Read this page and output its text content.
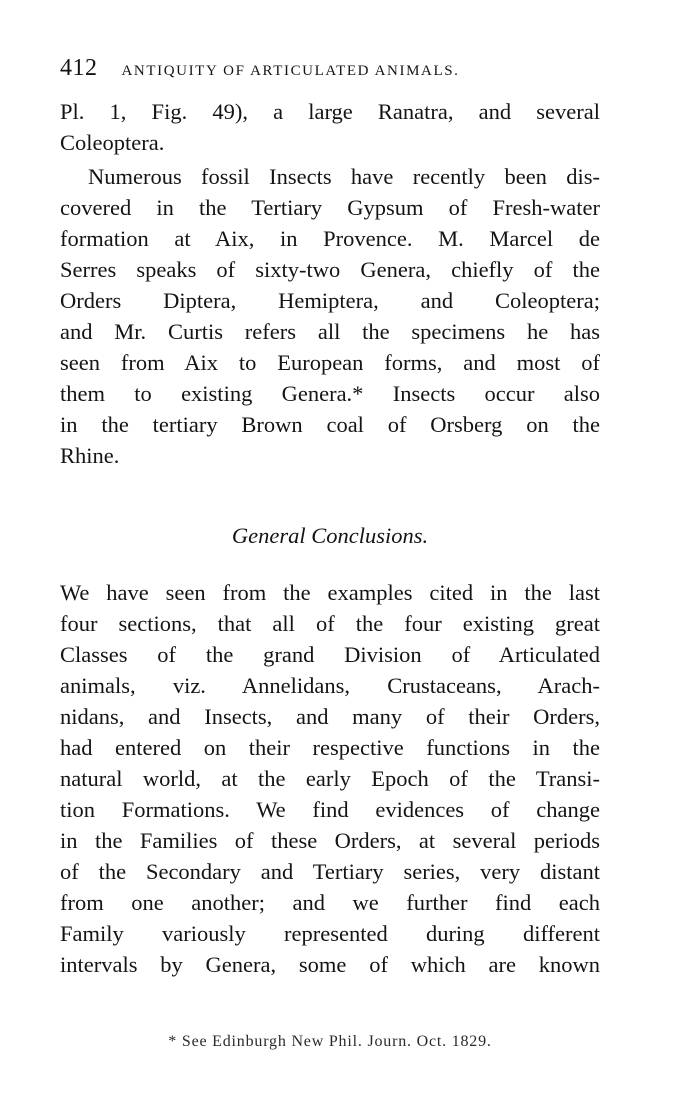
412 ANTIQUITY OF ARTICULATED ANIMALS.
Pl. 1, Fig. 49), a large Ranatra, and several
Coleoptera.
Numerous fossil Insects have recently been dis-
covered in the Tertiary Gypsum of Fresh-water
formation at Aix, in Provence. M. Marcel de
Serres speaks of sixty-two Genera, chiefly of the
Orders Diptera, Hemiptera, and Coleoptera;
and Mr. Curtis refers all the specimens he has
seen from Aix to European forms, and most of
them to existing Genera.* Insects occur also
in the tertiary Brown coal of Orsberg on the
Rhine.
General Conclusions.
We have seen from the examples cited in the last
four sections, that all of the four existing great
Classes of the grand Division of Articulated
animals, viz. Annelidans, Crustaceans, Arach-
nidans, and Insects, and many of their Orders,
had entered on their respective functions in the
natural world, at the early Epoch of the Transi-
tion Formations. We find evidences of change
in the Families of these Orders, at several periods
of the Secondary and Tertiary series, very distant
from one another; and we further find each
Family variously represented during different
intervals by Genera, some of which are known
* See Edinburgh New Phil. Journ. Oct. 1829.
